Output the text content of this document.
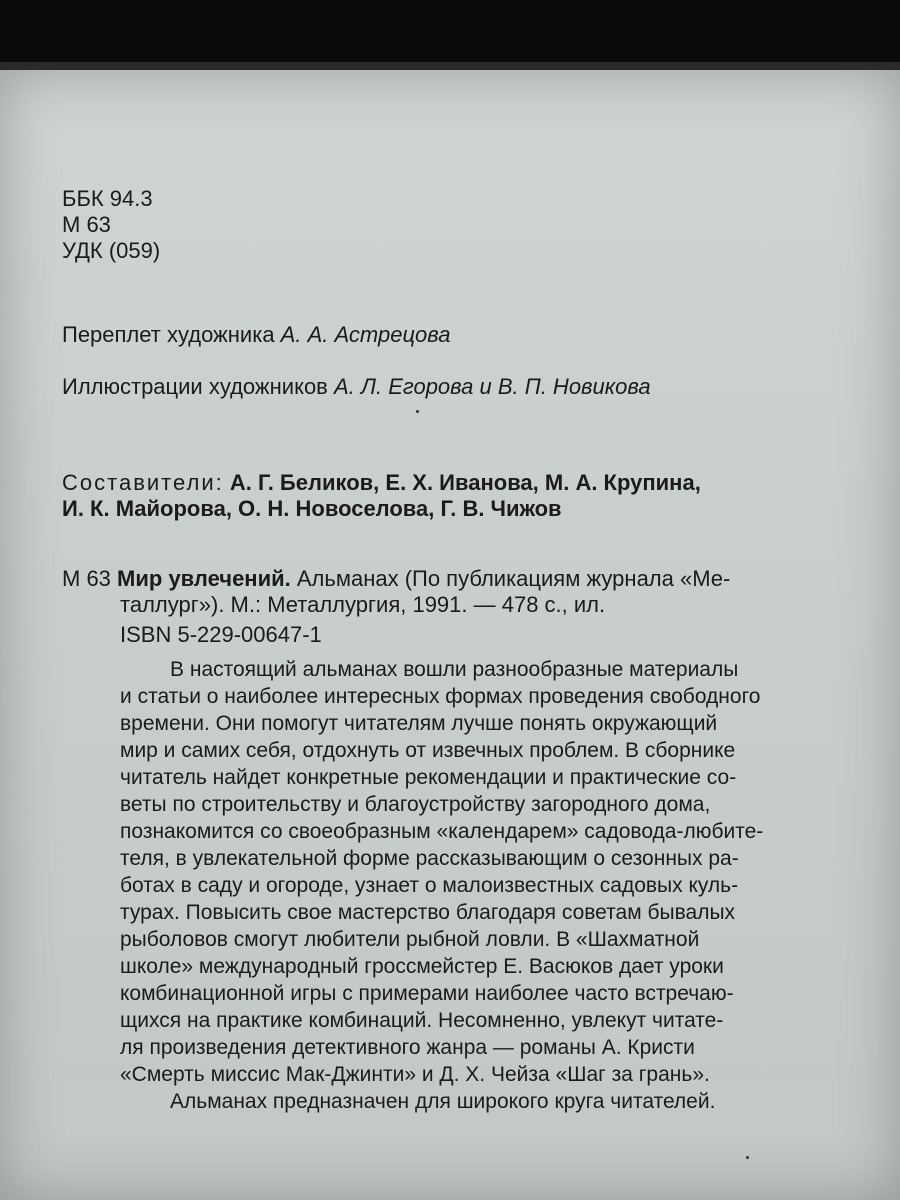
ББК 94.3
М 63
УДК (059)
Переплет художника А. А. Астрецова
Иллюстрации художников А. Л. Егорова и В. П. Новикова
Составители: А. Г. Беликов, Е. Х. Иванова, М. А. Крупина,
И. К. Майорова, О. Н. Новоселова, Г. В. Чижов
М 63 Мир увлечений. Альманах (По публикациям журнала «Ме-
таллург»). М.: Металлургия, 1991. — 478 с., ил.
ISBN 5-229-00647-1
В настоящий альманах вошли разнообразные материалы
и статьи о наиболее интересных формах проведения свободного
времени. Они помогут читателям лучше понять окружающий
мир и самих себя, отдохнуть от извечных проблем. В сборнике
читатель найдет конкретные рекомендации и практические со-
веты по строительству и благоустройству загородного дома,
познакомится со своеобразным «календарем» садовода-любите-
теля, в увлекательной форме рассказывающим о сезонных ра-
ботах в саду и огороде, узнает о малоизвестных садовых куль-
турах. Повысить свое мастерство благодаря советам бывалых
рыболовов смогут любители рыбной ловли. В «Шахматной
школе» международный гроссмейстер Е. Васюков дает уроки
комбинационной игры с примерами наиболее часто встречаю-
щихся на практике комбинаций. Несомненно, увлекут читате-
ля произведения детективного жанра — романы А. Кристи
«Смерть миссис Мак-Джинти» и Д. Х. Чейза «Шаг за грань».
Альманах предназначен для широкого круга читателей.
